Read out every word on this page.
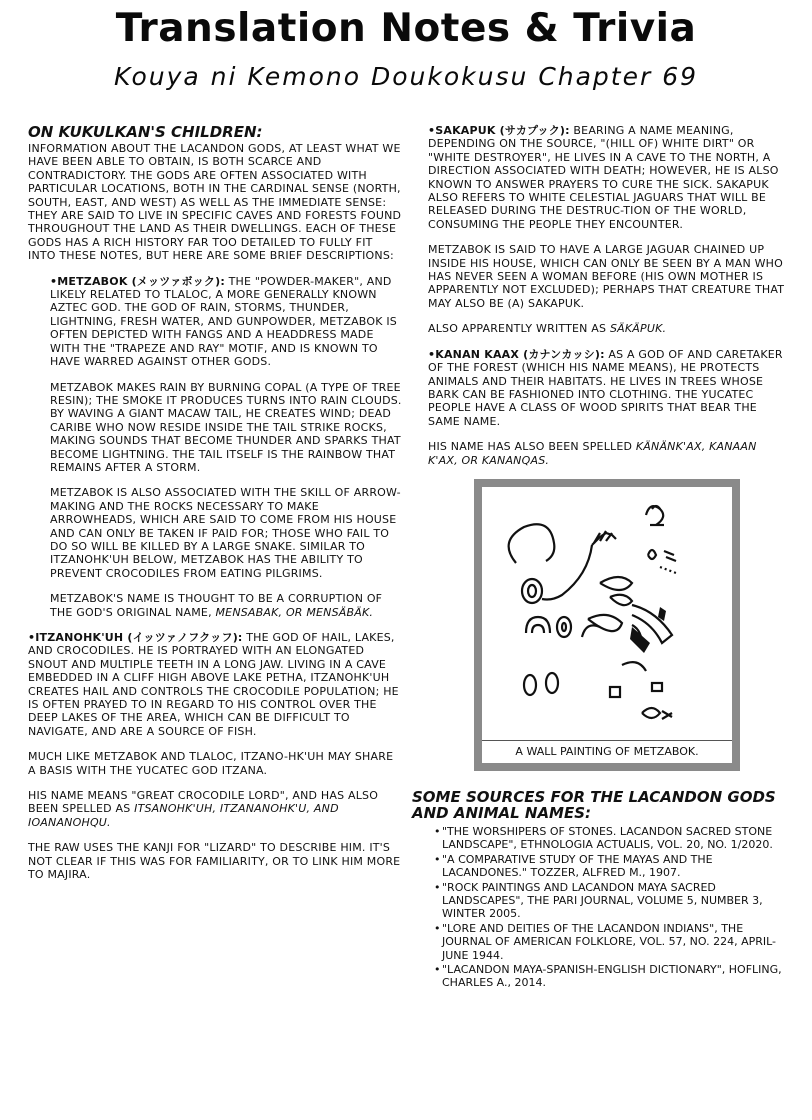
Translation Notes & Trivia
Kouya ni Kemono Doukokusu Chapter 69
ON KUKULKAN'S CHILDREN:

INFORMATION ABOUT THE LACANDON GODS, AT LEAST WHAT WE HAVE BEEN ABLE TO OBTAIN, IS BOTH SCARCE AND CONTRADICTORY. THE GODS ARE OFTEN ASSOCIATED WITH PARTICULAR LOCATIONS, BOTH IN THE CARDINAL SENSE (NORTH, SOUTH, EAST, AND WEST) AS WELL AS THE IMMEDIATE SENSE: THEY ARE SAID TO LIVE IN SPECIFIC CAVES AND FORESTS FOUND THROUGHOUT THE LAND AS THEIR DWELLINGS. EACH OF THESE GODS HAS A RICH HISTORY FAR TOO DETAILED TO FULLY FIT INTO THESE NOTES, BUT HERE ARE SOME BRIEF DESCRIPTIONS:

•METZABOK (メッツァボック): THE "POWDER-MAKER", AND LIKELY RELATED TO TLALOC, A MORE GENERALLY KNOWN AZTEC GOD. THE GOD OF RAIN, STORMS, THUNDER, LIGHTNING, FRESH WATER, AND GUNPOWDER, METZABOK IS OFTEN DEPICTED WITH FANGS AND A HEADDRESS MADE WITH THE "TRAPEZE AND RAY" MOTIF, AND IS KNOWN TO HAVE WARRED AGAINST OTHER GODS.

METZABOK MAKES RAIN BY BURNING COPAL (A TYPE OF TREE RESIN); THE SMOKE IT PRODUCES TURNS INTO RAIN CLOUDS. BY WAVING A GIANT MACAW TAIL, HE CREATES WIND; DEAD CARIBE WHO NOW RESIDE INSIDE THE TAIL STRIKE ROCKS, MAKING SOUNDS THAT BECOME THUNDER AND SPARKS THAT BECOME LIGHTNING. THE TAIL ITSELF IS THE RAINBOW THAT REMAINS AFTER A STORM.

METZABOK IS ALSO ASSOCIATED WITH THE SKILL OF ARROW-MAKING AND THE ROCKS NECESSARY TO MAKE ARROWHEADS, WHICH ARE SAID TO COME FROM HIS HOUSE AND CAN ONLY BE TAKEN IF PAID FOR; THOSE WHO FAIL TO DO SO WILL BE KILLED BY A LARGE SNAKE. SIMILAR TO ITZANOHK'UH BELOW, METZABOK HAS THE ABILITY TO PREVENT CROCODILES FROM EATING PILGRIMS.

METZABOK'S NAME IS THOUGHT TO BE A CORRUPTION OF THE GOD'S ORIGINAL NAME, MENSABAK, OR MENSÄBÄK.

•ITZANOHK'UH (イッツァノフクッフ): THE GOD OF HAIL, LAKES, AND CROCODILES. HE IS PORTRAYED WITH AN ELONGATED SNOUT AND MULTIPLE TEETH IN A LONG JAW. LIVING IN A CAVE EMBEDDED IN A CLIFF HIGH ABOVE LAKE PETHA, ITZANOHK'UH CREATES HAIL AND CONTROLS THE CROCODILE POPULATION; HE IS OFTEN PRAYED TO IN REGARD TO HIS CONTROL OVER THE DEEP LAKES OF THE AREA, WHICH CAN BE DIFFICULT TO NAVIGATE, AND ARE A SOURCE OF FISH.

MUCH LIKE METZABOK AND TLALOC, ITZANO-HK'UH MAY SHARE A BASIS WITH THE YUCATEC GOD ITZANA.

HIS NAME MEANS "GREAT CROCODILE LORD", AND HAS ALSO BEEN SPELLED AS ITSANOHK'UH, ITZANANOHK'U, AND IOANANOHQU.

THE RAW USES THE KANJI FOR "LIZARD" TO DESCRIBE HIM. IT'S NOT CLEAR IF THIS WAS FOR FAMILIARITY, OR TO LINK HIM MORE TO MAJIRA.

•SAKAPUK (サカプック): BEARING A NAME MEANING, DEPENDING ON THE SOURCE, "(HILL OF) WHITE DIRT" OR "WHITE DESTROYER", HE LIVES IN A CAVE TO THE NORTH, A DIRECTION ASSOCIATED WITH DEATH; HOWEVER, HE IS ALSO KNOWN TO ANSWER PRAYERS TO CURE THE SICK. SAKAPUK ALSO REFERS TO WHITE CELESTIAL JAGUARS THAT WILL BE RELEASED DURING THE DESTRUC-TION OF THE WORLD, CONSUMING THE PEOPLE THEY ENCOUNTER.

METZABOK IS SAID TO HAVE A LARGE JAGUAR CHAINED UP INSIDE HIS HOUSE, WHICH CAN ONLY BE SEEN BY A MAN WHO HAS NEVER SEEN A WOMAN BEFORE (HIS OWN MOTHER IS APPARENTLY NOT EXCLUDED); PERHAPS THAT CREATURE THAT MAY ALSO BE (A) SAKAPUK.

ALSO APPARENTLY WRITTEN AS SÄKÄPUK.

•KANAN KAAX (カナンカッシ): AS A GOD OF AND CARETAKER OF THE FOREST (WHICH HIS NAME MEANS), HE PROTECTS ANIMALS AND THEIR HABITATS. HE LIVES IN TREES WHOSE BARK CAN BE FASHIONED INTO CLOTHING. THE YUCATEC PEOPLE HAVE A CLASS OF WOOD SPIRITS THAT BEAR THE SAME NAME.

HIS NAME HAS ALSO BEEN SPELLED KÄNÄNK'AX, KANAAN K'AX, OR KANANQAS.

A WALL PAINTING OF METZABOK.
SOME SOURCES FOR THE LACANDON GODS AND ANIMAL NAMES:
• "THE WORSHIPERS OF STONES. LACANDON SACRED STONE LANDSCAPE", ETHNOLOGIA ACTUALIS, VOL. 20, NO. 1/2020.
• "A COMPARATIVE STUDY OF THE MAYAS AND THE LACANDONES." TOZZER, ALFRED M., 1907.
• "ROCK PAINTINGS AND LACANDON MAYA SACRED LANDSCAPES", THE PARI JOURNAL, VOLUME 5, NUMBER 3, WINTER 2005.
• "LORE AND DEITIES OF THE LACANDON INDIANS", THE JOURNAL OF AMERICAN FOLKLORE, VOL. 57, NO. 224, APRIL-JUNE 1944.
• "LACANDON MAYA-SPANISH-ENGLISH DICTIONARY", HOFLING, CHARLES A., 2014.
